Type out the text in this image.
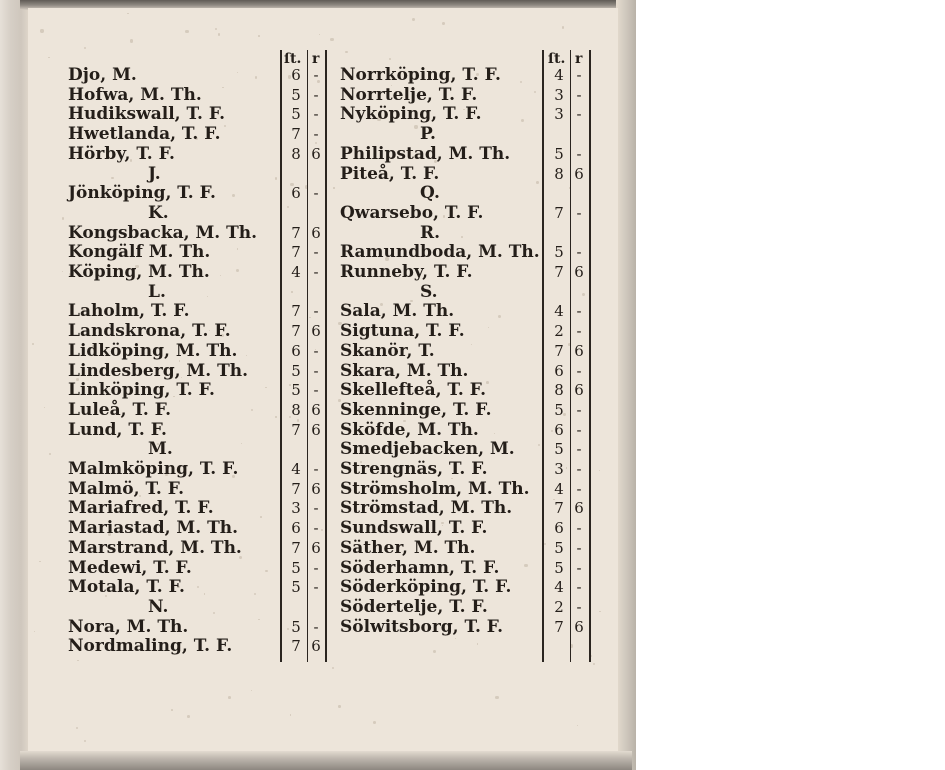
ſt. r	ſt. r
Djo, M.	6 -
Hofwa, M. Th.	5 -
Hudikswall, T. F.	5 -
Hwetlanda, T. F.	7 -
Hörby, T. F.	8 6
J.
Jönköping, T. F.	6 -
K.
Kongsbacka, M. Th. 7 6
Kongälf M. Th.	7 -
Köping, M. Th.	4 -
L.
Laholm, T. F.	7 -
Landskrona, T. F.	7 6
Lidköping, M. Th.	6 -
Lindesberg, M. Th.	5 -
Linköping, T. F.	5 -
Luleå, T. F.	8 6
Lund, T. F.	7 6
M.
Malmköping, T. F.	4 -
Malmö, T. F.	7 6
Mariafred, T. F.	3 -
Mariastad, M. Th.	6 -
Marstrand, M. Th.	7 6
Medewi, T. F.	5 -
Motala, T. F.	5 -
N.
Nora, M. Th.	5 -
Nordmaling, T. F.	7 6
Norrköping, T. F.	4 -
Norrtelje, T. F.	3 -
Nyköping, T. F.	3 -
P.
Philipstad, M. Th.	5 -
Piteå, T. F.	8 6
Q.
Qwarsebo, T. F.	7 -
R.
Ramundboda, M. Th. 5 -
Runneby, T. F.	7 6
S.
Sala, M. Th.	4 -
Sigtuna, T. F.	2 -
Skanör, T.	7 6
Skara, M. Th.	6 -
Skellefteå, T. F.	8 6
Skenninge, T. F.	5 -
Sköfde, M. Th.	6 -
Smedjebacken, M.	5 -
Strengnäs, T. F.	3 -
Strömsholm, M. Th. 4 -
Strömstad, M. Th.	7 6
Sundswall, T. F.	6 -
Säther, M. Th.	5 -
Söderhamn, T. F.	5 -
Söderköping, T. F.	4 -
Södertelje, T. F.	2 -
Sölwitsborg, T. F.	7 6
